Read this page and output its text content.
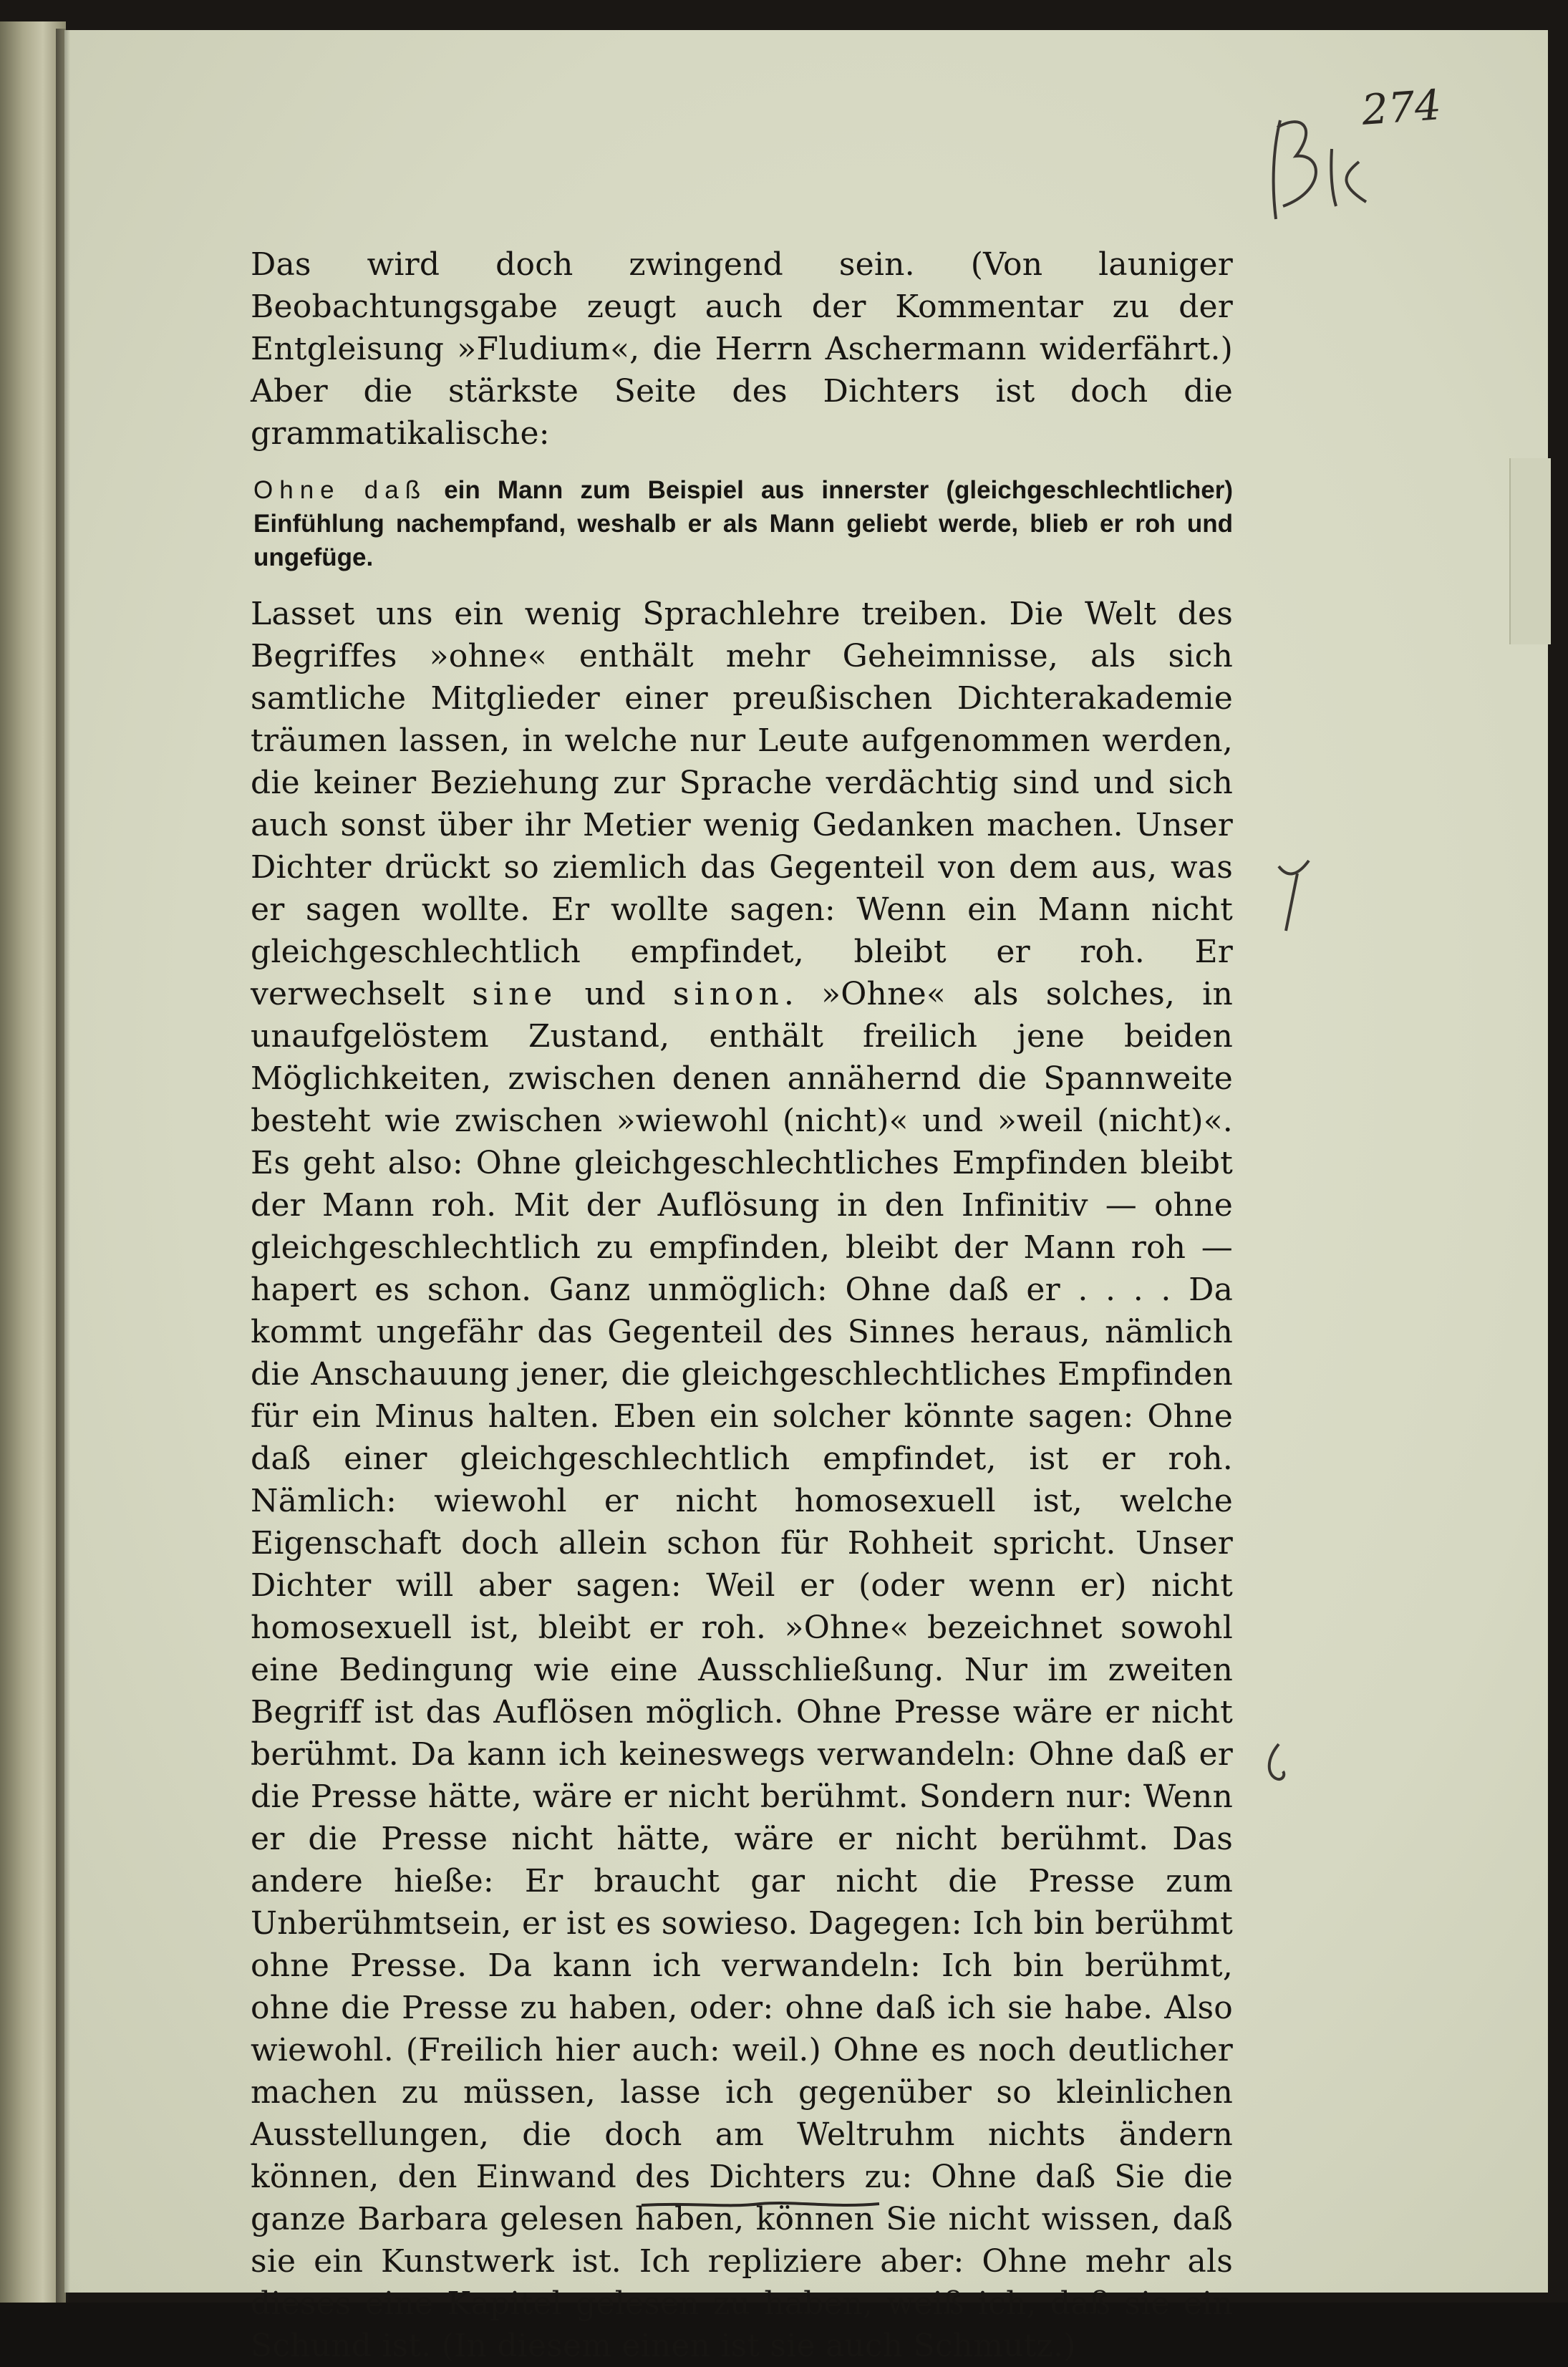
274

Das wird doch zwingend sein. (Von launiger Beobachtungsgabe zeugt auch der Kommentar zu der Entgleisung »Fludium«, die Herrn Aschermann widerfährt.) Aber die stärkste Seite des Dichters ist doch die grammatikalische:

Ohne daß ein Mann zum Beispiel aus innerster (gleichgeschlechtlicher) Einfühlung nachempfand, weshalb er als Mann geliebt werde, blieb er roh und ungefüge.

Lasset uns ein wenig Sprachlehre treiben. Die Welt des Begriffes »ohne« enthält mehr Geheimnisse, als sich samtliche Mitglieder einer preußischen Dichterakademie träumen lassen, in welche nur Leute aufgenommen werden, die keiner Beziehung zur Sprache verdächtig sind und sich auch sonst über ihr Metier wenig Gedanken machen. Unser Dichter drückt so ziemlich das Gegenteil von dem aus, was er sagen wollte. Er wollte sagen: Wenn ein Mann nicht gleichgeschlechtlich empfindet, bleibt er roh. Er verwechselt sine und sinon. »Ohne« als solches, in unaufgelöstem Zustand, enthält freilich jene beiden Möglichkeiten, zwischen denen annähernd die Spannweite besteht wie zwischen »wiewohl (nicht)« und »weil (nicht)«. Es geht also: Ohne gleichgeschlechtliches Empfinden bleibt der Mann roh. Mit der Auflösung in den Infinitiv — ohne gleichgeschlechtlich zu empfinden, bleibt der Mann roh — hapert es schon. Ganz unmöglich: Ohne daß er . . . . Da kommt ungefähr das Gegenteil des Sinnes heraus, nämlich die Anschauung jener, die gleichgeschlechtliches Empfinden für ein Minus halten. Eben ein solcher könnte sagen: Ohne daß einer gleichgeschlechtlich empfindet, ist er roh. Nämlich: wiewohl er nicht homosexuell ist, welche Eigenschaft doch allein schon für Rohheit spricht. Unser Dichter will aber sagen: Weil er (oder wenn er) nicht homosexuell ist, bleibt er roh. »Ohne« bezeichnet sowohl eine Bedingung wie eine Ausschließung. Nur im zweiten Begriff ist das Auflösen möglich. Ohne Presse wäre er nicht berühmt. Da kann ich keineswegs verwandeln: Ohne daß er die Presse hätte, wäre er nicht berühmt. Sondern nur: Wenn er die Presse nicht hätte, wäre er nicht berühmt. Das andere hieße: Er braucht gar nicht die Presse zum Unberühmtsein, er ist es sowieso. Dagegen: Ich bin berühmt ohne Presse. Da kann ich verwandeln: Ich bin berühmt, ohne die Presse zu haben, oder: ohne daß ich sie habe. Also wiewohl. (Freilich hier auch: weil.) Ohne es noch deutlicher machen zu müssen, lasse ich gegenüber so kleinlichen Ausstellungen, die doch am Weltruhm nichts ändern können, den Einwand des Dichters zu: Ohne daß Sie die ganze Barbara gelesen haben, können Sie nicht wissen, daß sie ein Kunstwerk ist. Ich repliziere aber: Ohne mehr als dieses eine Kapitel gelesen zu haben, weiß ich, daß sie ein Schund ist. (In diesem einen ist sie auch Schmutz.)
